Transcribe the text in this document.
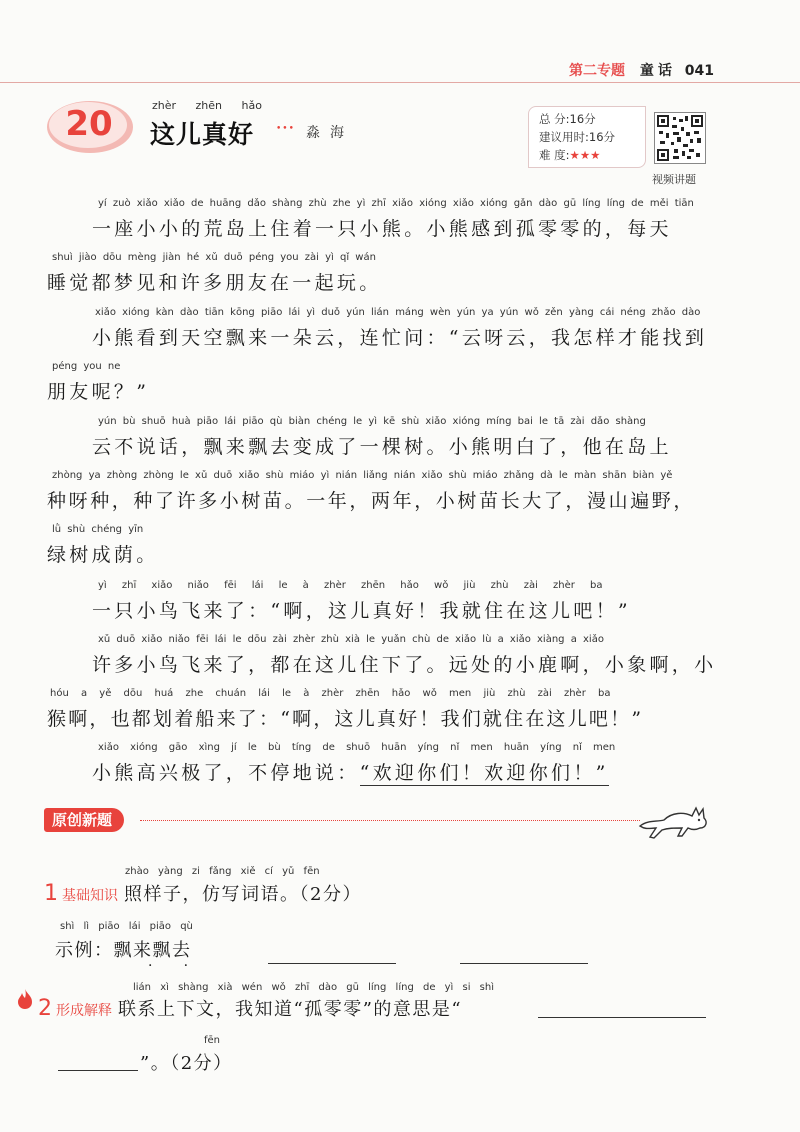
第二专题 童话 041
20	zhèr zhēn hǎo
这儿真好 ••• 淼海
总 分:16分
建议用时:16分
难 度:★★★
视频讲题
yí zuò xiǎo xiǎo de huāng dǎo shàng zhù zhe yì zhī xiǎo xióng xiǎo xióng gǎn dào gū líng líng de měi tiān
一座小小的荒岛上住着一只小熊。小熊感到孤零零的，每天
shuì jiào dōu mèng jiàn hé xǔ duō péng you zài yì qǐ wán
睡觉都梦见和许多朋友在一起玩。
xiǎo xióng kàn dào tiān kōng piāo lái yì duǒ yún lián máng wèn yún ya yún wǒ zěn yàng cái néng zhǎo dào
小熊看到天空飘来一朵云，连忙问：“云呀云，我怎样才能找到
péng you ne
朋友呢？”
yún bù shuō huà piāo lái piāo qù biàn chéng le yì kē shù xiǎo xióng míng bai le tā zài dǎo shàng
云不说话，飘来飘去变成了一棵树。小熊明白了，他在岛上
zhòng ya zhòng zhòng le xǔ duō xiǎo shù miáo yì nián liǎng nián xiǎo shù miáo zhǎng dà le màn shān biàn yě
种呀种，种了许多小树苗。一年，两年，小树苗长大了，漫山遍野，
lǜ shù chéng yīn
绿树成荫。
yì zhī xiǎo niǎo fēi lái le à zhèr zhēn hǎo wǒ jiù zhù zài zhèr ba
一只小鸟飞来了：“啊，这儿真好！我就住在这儿吧！”
xǔ duō xiǎo niǎo fēi lái le dōu zài zhèr zhù xià le yuǎn chù de xiǎo lù a xiǎo xiàng a xiǎo
许多小鸟飞来了，都在这儿住下了。远处的小鹿啊，小象啊，小
hóu a yě dōu huá zhe chuán lái le à zhèr zhēn hǎo wǒ men jiù zhù zài zhèr ba
猴啊，也都划着船来了：“啊，这儿真好！我们就住在这儿吧！”
xiǎo xióng gāo xìng jí le bù tíng de shuō huān yíng nǐ men huān yíng nǐ men
小熊高兴极了，不停地说：“欢迎你们！欢迎你们！”
原创新题
zhào yàng zi fǎng xiě cí yǔ fēn
1 基础知识 照样子，仿写词语。（2分）
shì lì piāo lái piāo qù
示例：飘来飘去
·       ·
lián xì shàng xià wén wǒ zhī dào gū líng líng de yì si shì
2 形成解释 联系上下文，我知道“孤零零”的意思是“
fēn
”。（2分）
